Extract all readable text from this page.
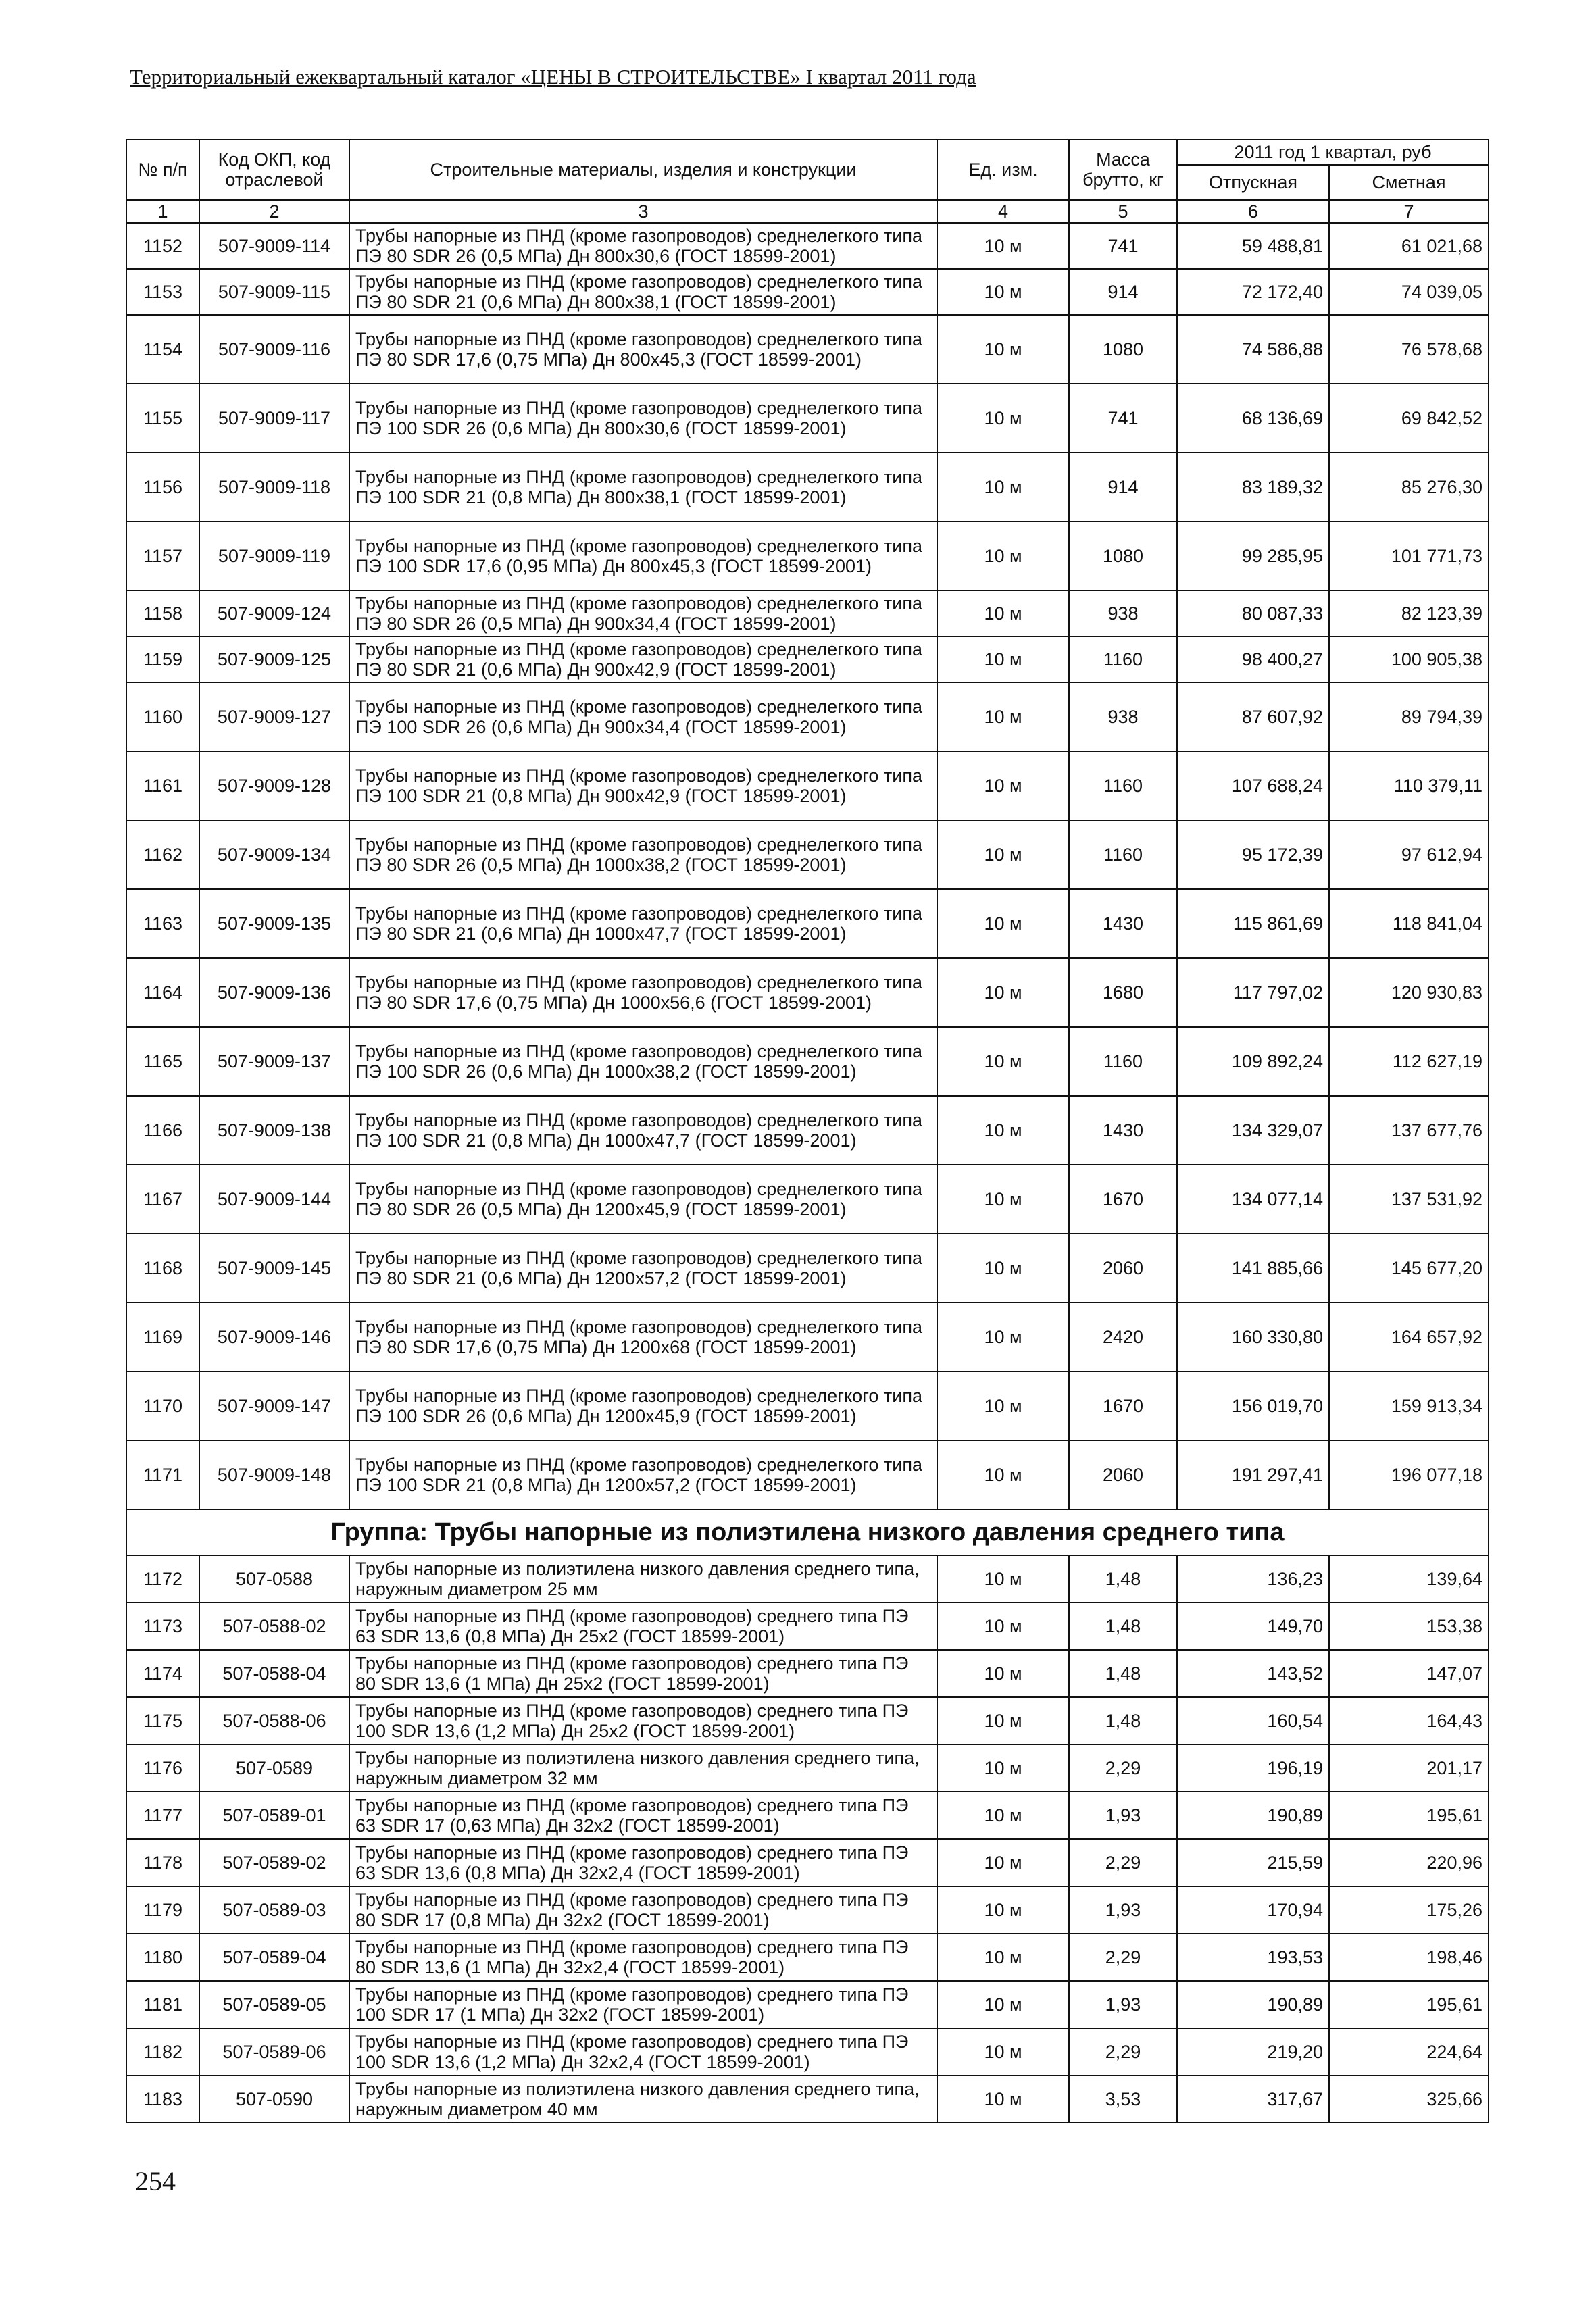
Территориальный ежеквартальный каталог «ЦЕНЫ В СТРОИТЕЛЬСТВЕ» I квартал 2011 года
№ п/п	Код ОКП, код отраслевой	Строительные материалы, изделия и конструкции	Ед. изм.	Масса брутто, кг	2011 год 1 квартал, руб	
					Отпускная	Сметная
1	2	3	4	5	6	7
1152	507-9009-114	Трубы напорные из ПНД (кроме газопроводов) среднелегкого типа ПЭ 80 SDR 26 (0,5 МПа) Дн 800x30,6 (ГОСТ 18599-2001)	10 м	741	59 488,81	61 021,68
1153	507-9009-115	Трубы напорные из ПНД (кроме газопроводов) среднелегкого типа ПЭ 80 SDR 21 (0,6 МПа) Дн 800x38,1 (ГОСТ 18599-2001)	10 м	914	72 172,40	74 039,05
1154	507-9009-116	Трубы напорные из ПНД (кроме газопроводов) среднелегкого типа ПЭ 80 SDR 17,6 (0,75 МПа) Дн 800x45,3 (ГОСТ 18599-2001)	10 м	1080	74 586,88	76 578,68
1155	507-9009-117	Трубы напорные из ПНД (кроме газопроводов) среднелегкого типа ПЭ 100 SDR 26 (0,6 МПа) Дн 800x30,6 (ГОСТ 18599-2001)	10 м	741	68 136,69	69 842,52
1156	507-9009-118	Трубы напорные из ПНД (кроме газопроводов) среднелегкого типа ПЭ 100 SDR 21 (0,8 МПа) Дн 800x38,1 (ГОСТ 18599-2001)	10 м	914	83 189,32	85 276,30
1157	507-9009-119	Трубы напорные из ПНД (кроме газопроводов) среднелегкого типа ПЭ 100 SDR 17,6 (0,95 МПа) Дн 800x45,3 (ГОСТ 18599-2001)	10 м	1080	99 285,95	101 771,73
1158	507-9009-124	Трубы напорные из ПНД (кроме газопроводов) среднелегкого типа ПЭ 80 SDR 26 (0,5 МПа) Дн 900x34,4 (ГОСТ 18599-2001)	10 м	938	80 087,33	82 123,39
1159	507-9009-125	Трубы напорные из ПНД (кроме газопроводов) среднелегкого типа ПЭ 80 SDR 21 (0,6 МПа) Дн 900x42,9 (ГОСТ 18599-2001)	10 м	1160	98 400,27	100 905,38
1160	507-9009-127	Трубы напорные из ПНД (кроме газопроводов) среднелегкого типа ПЭ 100 SDR 26 (0,6 МПа) Дн 900x34,4 (ГОСТ 18599-2001)	10 м	938	87 607,92	89 794,39
1161	507-9009-128	Трубы напорные из ПНД (кроме газопроводов) среднелегкого типа ПЭ 100 SDR 21 (0,8 МПа) Дн 900x42,9 (ГОСТ 18599-2001)	10 м	1160	107 688,24	110 379,11
1162	507-9009-134	Трубы напорные из ПНД (кроме газопроводов) среднелегкого типа ПЭ 80 SDR 26 (0,5 МПа) Дн 1000x38,2 (ГОСТ 18599-2001)	10 м	1160	95 172,39	97 612,94
1163	507-9009-135	Трубы напорные из ПНД (кроме газопроводов) среднелегкого типа ПЭ 80 SDR 21 (0,6 МПа) Дн 1000x47,7 (ГОСТ 18599-2001)	10 м	1430	115 861,69	118 841,04
1164	507-9009-136	Трубы напорные из ПНД (кроме газопроводов) среднелегкого типа ПЭ 80 SDR 17,6 (0,75 МПа) Дн 1000x56,6 (ГОСТ 18599-2001)	10 м	1680	117 797,02	120 930,83
1165	507-9009-137	Трубы напорные из ПНД (кроме газопроводов) среднелегкого типа ПЭ 100 SDR 26 (0,6 МПа) Дн 1000x38,2 (ГОСТ 18599-2001)	10 м	1160	109 892,24	112 627,19
1166	507-9009-138	Трубы напорные из ПНД (кроме газопроводов) среднелегкого типа ПЭ 100 SDR 21 (0,8 МПа) Дн 1000x47,7 (ГОСТ 18599-2001)	10 м	1430	134 329,07	137 677,76
1167	507-9009-144	Трубы напорные из ПНД (кроме газопроводов) среднелегкого типа ПЭ 80 SDR 26 (0,5 МПа) Дн 1200x45,9 (ГОСТ 18599-2001)	10 м	1670	134 077,14	137 531,92
1168	507-9009-145	Трубы напорные из ПНД (кроме газопроводов) среднелегкого типа ПЭ 80 SDR 21 (0,6 МПа) Дн 1200x57,2 (ГОСТ 18599-2001)	10 м	2060	141 885,66	145 677,20
1169	507-9009-146	Трубы напорные из ПНД (кроме газопроводов) среднелегкого типа ПЭ 80 SDR 17,6 (0,75 МПа) Дн 1200x68 (ГОСТ 18599-2001)	10 м	2420	160 330,80	164 657,92
1170	507-9009-147	Трубы напорные из ПНД (кроме газопроводов) среднелегкого типа ПЭ 100 SDR 26 (0,6 МПа) Дн 1200x45,9 (ГОСТ 18599-2001)	10 м	1670	156 019,70	159 913,34
1171	507-9009-148	Трубы напорные из ПНД (кроме газопроводов) среднелегкого типа ПЭ 100 SDR 21 (0,8 МПа) Дн 1200x57,2 (ГОСТ 18599-2001)	10 м	2060	191 297,41	196 077,18
Группа: Трубы напорные из полиэтилена низкого давления среднего типа						
1172	507-0588	Трубы напорные из полиэтилена низкого давления среднего типа, наружным диаметром 25 мм	10 м	1,48	136,23	139,64
1173	507-0588-02	Трубы напорные из ПНД (кроме газопроводов) среднего типа ПЭ 63 SDR 13,6 (0,8 МПа) Дн 25x2 (ГОСТ 18599-2001)	10 м	1,48	149,70	153,38
1174	507-0588-04	Трубы напорные из ПНД (кроме газопроводов) среднего типа ПЭ 80 SDR 13,6 (1 МПа) Дн 25x2 (ГОСТ 18599-2001)	10 м	1,48	143,52	147,07
1175	507-0588-06	Трубы напорные из ПНД (кроме газопроводов) среднего типа ПЭ 100 SDR 13,6 (1,2 МПа) Дн 25x2 (ГОСТ 18599-2001)	10 м	1,48	160,54	164,43
1176	507-0589	Трубы напорные из полиэтилена низкого давления среднего типа, наружным диаметром 32 мм	10 м	2,29	196,19	201,17
1177	507-0589-01	Трубы напорные из ПНД (кроме газопроводов) среднего типа ПЭ 63 SDR 17 (0,63 МПа) Дн 32x2 (ГОСТ 18599-2001)	10 м	1,93	190,89	195,61
1178	507-0589-02	Трубы напорные из ПНД (кроме газопроводов) среднего типа ПЭ 63 SDR 13,6 (0,8 МПа) Дн 32x2,4 (ГОСТ 18599-2001)	10 м	2,29	215,59	220,96
1179	507-0589-03	Трубы напорные из ПНД (кроме газопроводов) среднего типа ПЭ 80 SDR 17 (0,8 МПа) Дн 32x2 (ГОСТ 18599-2001)	10 м	1,93	170,94	175,26
1180	507-0589-04	Трубы напорные из ПНД (кроме газопроводов) среднего типа ПЭ 80 SDR 13,6 (1 МПа) Дн 32x2,4 (ГОСТ 18599-2001)	10 м	2,29	193,53	198,46
1181	507-0589-05	Трубы напорные из ПНД (кроме газопроводов) среднего типа ПЭ 100 SDR 17 (1 МПа) Дн 32x2 (ГОСТ 18599-2001)	10 м	1,93	190,89	195,61
1182	507-0589-06	Трубы напорные из ПНД (кроме газопроводов) среднего типа ПЭ 100 SDR 13,6 (1,2 МПа) Дн 32x2,4 (ГОСТ 18599-2001)	10 м	2,29	219,20	224,64
1183	507-0590	Трубы напорные из полиэтилена низкого давления среднего типа, наружным диаметром 40 мм	10 м	3,53	317,67	325,66
254
